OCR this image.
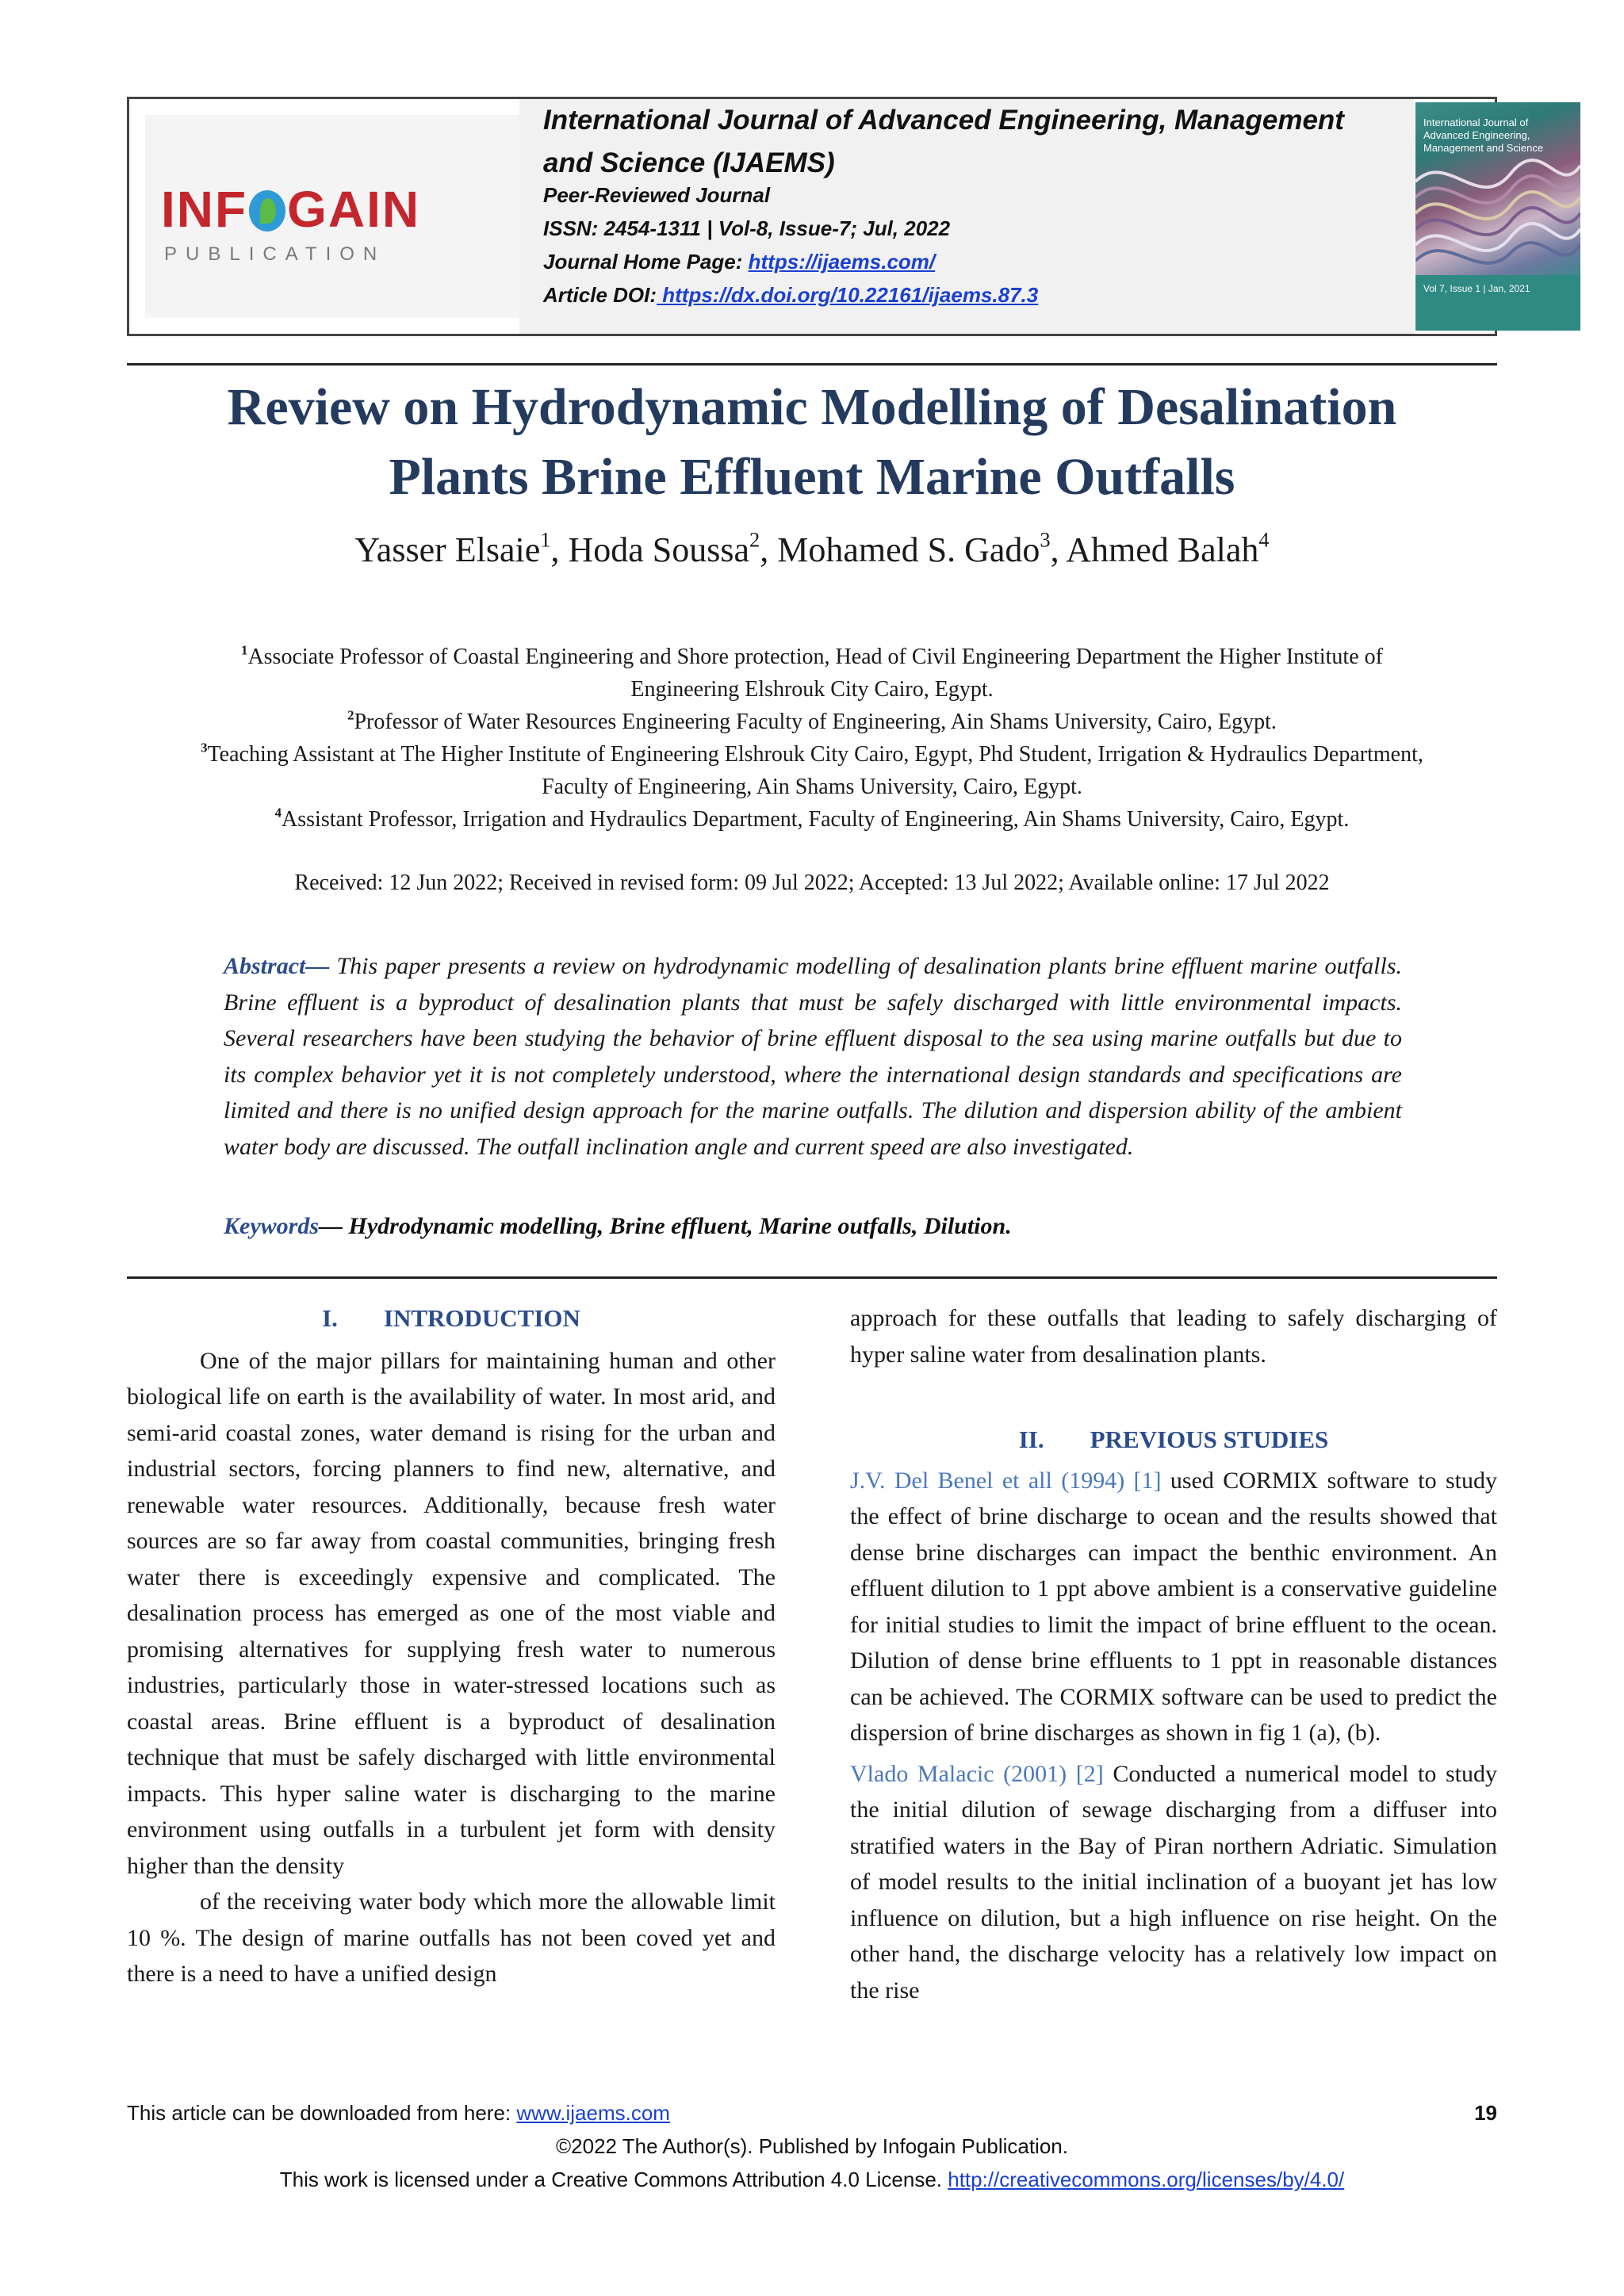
INF GAIN
PUBLICATION
International Journal of Advanced Engineering, Management and Science (IJAEMS)
Peer-Reviewed Journal
ISSN: 2454-1311 | Vol-8, Issue-7; Jul, 2022
Journal Home Page: https://ijaems.com/
Article DOI: https://dx.doi.org/10.22161/ijaems.87.3
International Journal of Advanced Engineering, Management and Science
Vol 7, Issue 1 | Jan, 2021
Review on Hydrodynamic Modelling of Desalination
Plants Brine Effluent Marine Outfalls
Yasser Elsaie$^1$, Hoda Soussa$^2$, Mohamed S. Gado$^3$, Ahmed Balah$^4$
$^1$Associate Professor of Coastal Engineering and Shore protection, Head of Civil Engineering Department the Higher Institute of
Engineering Elshrouk City Cairo, Egypt.
$^2$Professor of Water Resources Engineering Faculty of Engineering, Ain Shams University, Cairo, Egypt.
$^3$Teaching Assistant at The Higher Institute of Engineering Elshrouk City Cairo, Egypt, Phd Student, Irrigation & Hydraulics Department,
Faculty of Engineering, Ain Shams University, Cairo, Egypt.
$^4$Assistant Professor, Irrigation and Hydraulics Department, Faculty of Engineering, Ain Shams University, Cairo, Egypt.
Received: 12 Jun 2022; Received in revised form: 09 Jul 2022; Accepted: 13 Jul 2022; Available online: 17 Jul 2022
Abstract— This paper presents a review on hydrodynamic modelling of desalination plants brine effluent marine outfalls. Brine effluent is a byproduct of desalination plants that must be safely discharged with little environmental impacts. Several researchers have been studying the behavior of brine effluent disposal to the sea using marine outfalls but due to its complex behavior yet it is not completely understood, where the international design standards and specifications are limited and there is no unified design approach for the marine outfalls. The dilution and dispersion ability of the ambient water body are discussed. The outfall inclination angle and current speed are also investigated.
Keywords— Hydrodynamic modelling, Brine effluent, Marine outfalls, Dilution.

I. INTRODUCTION

One of the major pillars for maintaining human and other biological life on earth is the availability of water. In most arid, and semi-arid coastal zones, water demand is rising for the urban and industrial sectors, forcing planners to find new, alternative, and renewable water resources. Additionally, because fresh water sources are so far away from coastal communities, bringing fresh water there is exceedingly expensive and complicated. The desalination process has emerged as one of the most viable and promising alternatives for supplying fresh water to numerous industries, particularly those in water-stressed locations such as coastal areas. Brine effluent is a byproduct of desalination technique that must be safely discharged with little environmental impacts. This hyper saline water is discharging to the marine environment using outfalls in a turbulent jet form with density higher than the density

of the receiving water body which more the allowable limit 10 %. The design of marine outfalls has not been coved yet and there is a need to have a unified design

approach for these outfalls that leading to safely discharging of hyper saline water from desalination plants.

II. PREVIOUS STUDIES

J.V. Del Benel et all (1994) [1] used CORMIX software to study the effect of brine discharge to ocean and the results showed that dense brine discharges can impact the benthic environment. An effluent dilution to 1 ppt above ambient is a conservative guideline for initial studies to limit the impact of brine effluent to the ocean. Dilution of dense brine effluents to 1 ppt in reasonable distances can be achieved. The CORMIX software can be used to predict the dispersion of brine discharges as shown in fig 1 (a), (b).

Vlado Malacic (2001) [2] Conducted a numerical model to study the initial dilution of sewage discharging from a diffuser into stratified waters in the Bay of Piran northern Adriatic. Simulation of model results to the initial inclination of a buoyant jet has low influence on dilution, but a high influence on rise height. On the other hand, the discharge velocity has a relatively low impact on the rise

This article can be downloaded from here: www.ijaems.com	19
©2022 The Author(s). Published by Infogain Publication.
This work is licensed under a Creative Commons Attribution 4.0 License. http://creativecommons.org/licenses/by/4.0/
